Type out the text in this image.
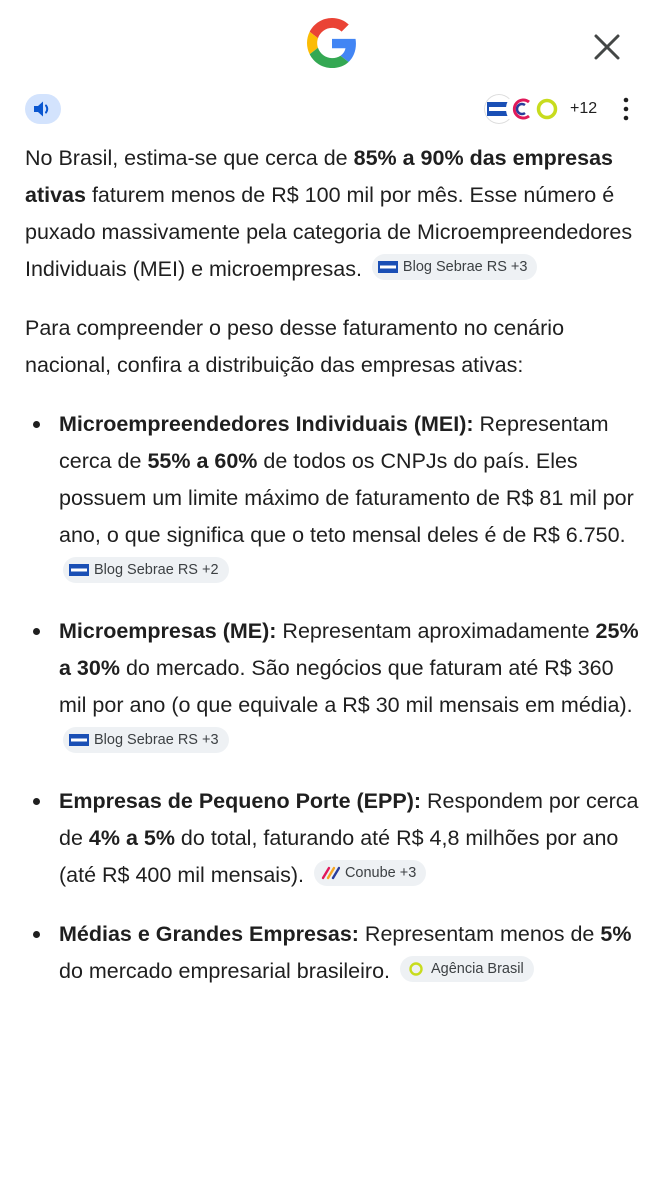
+12

No Brasil, estima-se que cerca de 85% a 90% das empresas ativas faturem menos de R$ 100 mil por mês. Esse número é puxado massivamente pela categoria de Microempreendedores Individuais (MEI) e microempresas.	Blog Sebrae RS +3

Para compreender o peso desse faturamento no cenário nacional, confira a distribuição das empresas ativas:

Microempreendedores Individuais (MEI): Representam cerca de 55% a 60% de todos os CNPJs do país. Eles possuem um limite máximo de faturamento de R$ 81 mil por ano, o que significa que o teto mensal deles é de R$ 6.750.
Blog Sebrae RS +2
Microempresas (ME): Representam aproximadamente 25% a 30% do mercado. São negócios que faturam até R$ 360 mil por ano (o que equivale a R$ 30 mil mensais em média).
Blog Sebrae RS +3
Empresas de Pequeno Porte (EPP): Respondem por cerca de 4% a 5% do total, faturando até R$ 4,8 milhões por ano (até R$ 400 mil mensais).	Conube +3
Médias e Grandes Empresas: Representam menos de 5% do mercado empresarial brasileiro.	Agência Brasil
